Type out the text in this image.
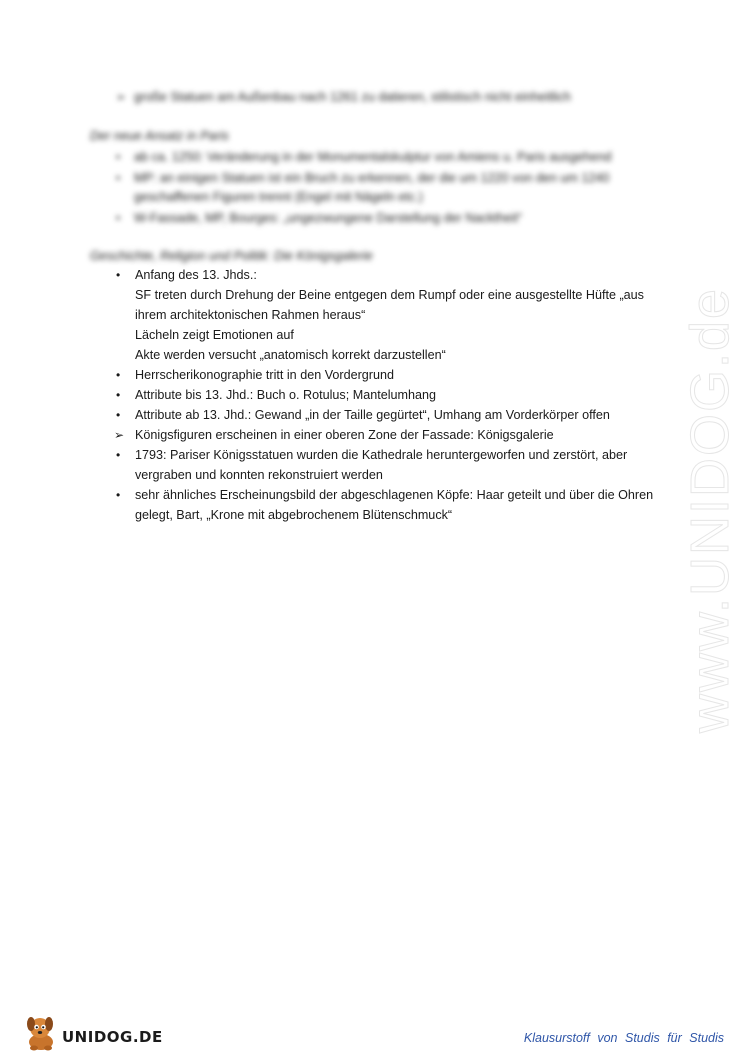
➢ große Statuen am Außenbau nach 1261 zu datieren, stilistisch nicht einheitlich
Der neue Ansatz in Paris
• ab ca. 1250: Veränderung in der Monumentalskulptur von Amiens u. Paris ausgehend
• MP: an einigen Statuen ist ein Bruch zu erkennen, der die um 1220 von den um 1240
geschaffenen Figuren trennt (Engel mit Nägeln etc.)
• W-Fassade, MP, Bourges: „ungezwungene Darstellung der Nacktheit“
Geschichte, Religion und Politik: Die Königsgalerie
• Anfang des 13. Jhds.:
SF treten durch Drehung der Beine entgegen dem Rumpf oder eine ausgestellte Hüfte „aus
ihrem architektonischen Rahmen heraus“
Lächeln zeigt Emotionen auf
Akte werden versucht „anatomisch korrekt darzustellen“
• Herrscherikonographie tritt in den Vordergrund
• Attribute bis 13. Jhd.: Buch o. Rotulus; Mantelumhang
• Attribute ab 13. Jhd.: Gewand „in der Taille gegürtet“, Umhang am Vorderkörper offen
➢ Königsfiguren erscheinen in einer oberen Zone der Fassade: Königsgalerie
• 1793: Pariser Königsstatuen wurden die Kathedrale heruntergeworfen und zerstört, aber
vergraben und konnten rekonstruiert werden
• sehr ähnliches Erscheinungsbild der abgeschlagenen Köpfe: Haar geteilt und über die Ohren
gelegt, Bart, „Krone mit abgebrochenem Blütenschmuck“	www.UNIDOG.de
UNIDOG.DE	Klausurstoff von Studis für Studis
